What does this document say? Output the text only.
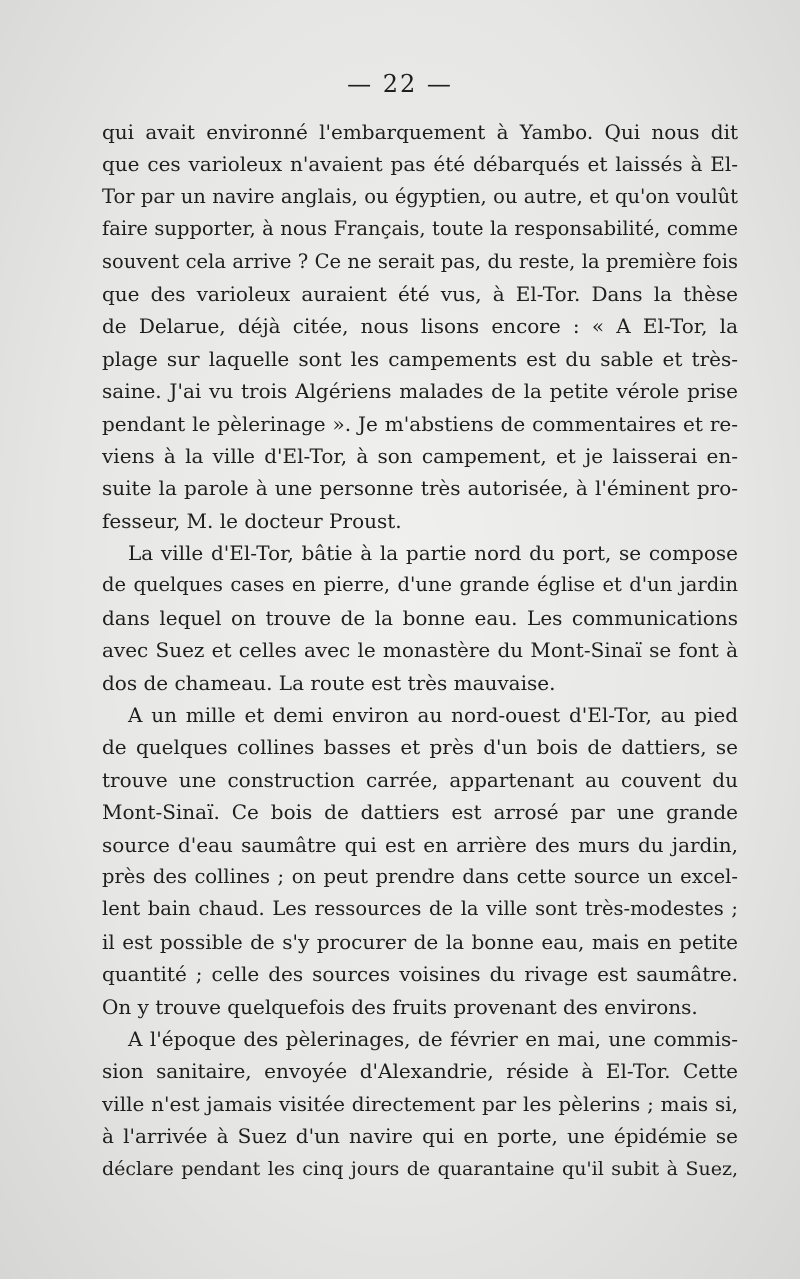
— 22 —
qui avait environné l'embarquement à Yambo. Qui nous dit
que ces varioleux n'avaient pas été débarqués et laissés à El-
Tor par un navire anglais, ou égyptien, ou autre, et qu'on voulût
faire supporter, à nous Français, toute la responsabilité, comme
souvent cela arrive ? Ce ne serait pas, du reste, la première fois
que des varioleux auraient été vus, à El-Tor. Dans la thèse
de Delarue, déjà citée, nous lisons encore : « A El-Tor, la
plage sur laquelle sont les campements est du sable et très-
saine. J'ai vu trois Algériens malades de la petite vérole prise
pendant le pèlerinage ». Je m'abstiens de commentaires et re-
viens à la ville d'El-Tor, à son campement, et je laisserai en-
suite la parole à une personne très autorisée, à l'éminent pro-
fesseur, M. le docteur Proust.
La ville d'El-Tor, bâtie à la partie nord du port, se compose
de quelques cases en pierre, d'une grande église et d'un jardin
dans lequel on trouve de la bonne eau. Les communications
avec Suez et celles avec le monastère du Mont-Sinaï se font à
dos de chameau. La route est très mauvaise.
A un mille et demi environ au nord-ouest d'El-Tor, au pied
de quelques collines basses et près d'un bois de dattiers, se
trouve une construction carrée, appartenant au couvent du
Mont-Sinaï. Ce bois de dattiers est arrosé par une grande
source d'eau saumâtre qui est en arrière des murs du jardin,
près des collines ; on peut prendre dans cette source un excel-
lent bain chaud. Les ressources de la ville sont très-modestes ;
il est possible de s'y procurer de la bonne eau, mais en petite
quantité ; celle des sources voisines du rivage est saumâtre.
On y trouve quelquefois des fruits provenant des environs.
A l'époque des pèlerinages, de février en mai, une commis-
sion sanitaire, envoyée d'Alexandrie, réside à El-Tor. Cette
ville n'est jamais visitée directement par les pèlerins ; mais si,
à l'arrivée à Suez d'un navire qui en porte, une épidémie se
déclare pendant les cinq jours de quarantaine qu'il subit à Suez,
